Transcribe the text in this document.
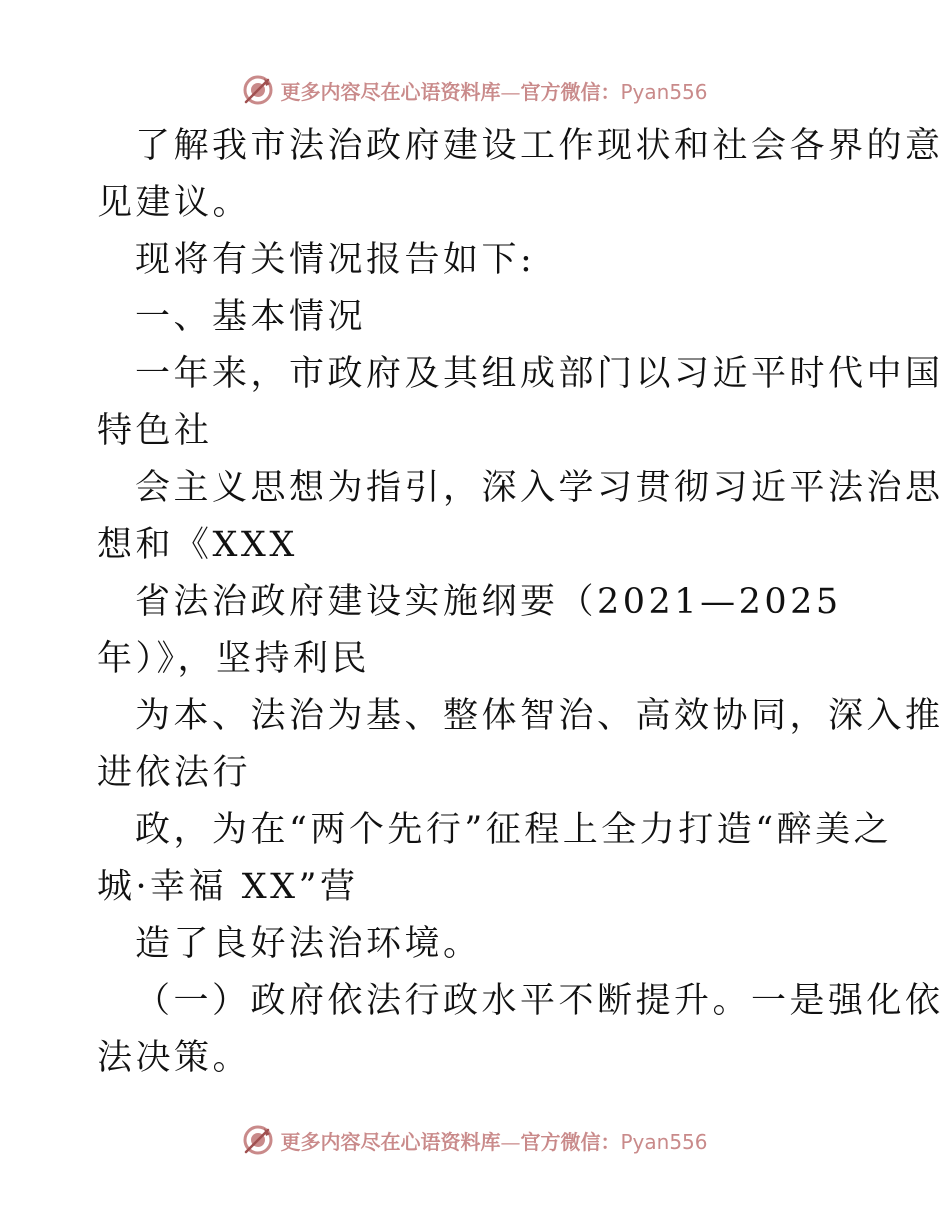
更多内容尽在心语资料库—官方微信：Pyan556
了解我市法治政府建设工作现状和社会各界的意
见建议。
现将有关情况报告如下:
一、基本情况
一年来，市政府及其组成部门以习近平时代中国
特色社
会主义思想为指引，深入学习贯彻习近平法治思
想和《XXX
省法治政府建设实施纲要（2021—2025
年）》，坚持利民
为本、法治为基、整体智治、高效协同，深入推
进依法行
政，为在“两个先行”征程上全力打造“醉美之
城·幸福 XX”营
造了良好法治环境。
（一）政府依法行政水平不断提升。一是强化依
法决策。
更多内容尽在心语资料库—官方微信：Pyan556
